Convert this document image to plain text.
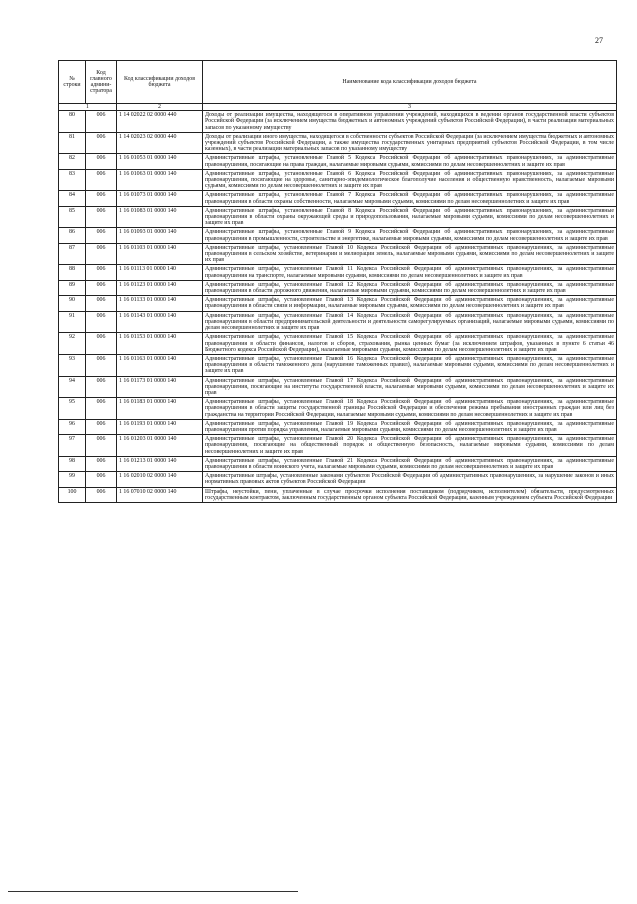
27
№ строки	Код главного админи-стратора	Код классификации доходов бюджета	Наименование кода классификации доходов бюджета
1		2	3
80	006	1 14 02022 02 0000 440	Доходы от реализации имущества, находящегося в оперативном управлении учреждений, находящихся в ведении органов государственной власти субъектов Российской Федерации (за исключением имущества бюджетных и автономных учреждений субъектов Российской Федерации), в части реализации материальных запасов по указанному имуществу
81	006	1 14 02023 02 0000 440	Доходы от реализации иного имущества, находящегося в собственности субъектов Российской Федерации (за исключением имущества бюджетных и автономных учреждений субъектов Российской Федерации, а также имущества государственных унитарных предприятий субъектов Российской Федерации, в том числе казенных), в части реализации материальных запасов по указанному имуществу
82	006	1 16 01053 01 0000 140	Административные штрафы, установленные Главой 5 Кодекса Российской Федерации об административных правонарушениях, за административные правонарушения, посягающие на права граждан, налагаемые мировыми судьями, комиссиями по делам несовершеннолетних и защите их прав
83	006	1 16 01063 01 0000 140	Административные штрафы, установленные Главой 6 Кодекса Российской Федерации об административных правонарушениях, за административные правонарушения, посягающие на здоровье, санитарно-эпидемиологическое благополучие населения и общественную нравственность, налагаемые мировыми судьями, комиссиями по делам несовершеннолетних и защите их прав
84	006	1 16 01073 01 0000 140	Административные штрафы, установленные Главой 7 Кодекса Российской Федерации об административных правонарушениях, за административные правонарушения в области охраны собственности, налагаемые мировыми судьями, комиссиями по делам несовершеннолетних и защите их прав
85	006	1 16 01083 01 0000 140	Административные штрафы, установленные Главой 8 Кодекса Российской Федерации об административных правонарушениях, за административные правонарушения в области охраны окружающей среды и природопользования, налагаемые мировыми судьями, комиссиями по делам несовершеннолетних и защите их прав
86	006	1 16 01093 01 0000 140	Административные штрафы, установленные Главой 9 Кодекса Российской Федерации об административных правонарушениях, за административные правонарушения в промышленности, строительстве и энергетике, налагаемые мировыми судьями, комиссиями по делам несовершеннолетних и защите их прав
87	006	1 16 01103 01 0000 140	Административные штрафы, установленные Главой 10 Кодекса Российской Федерации об административных правонарушениях, за административные правонарушения в сельском хозяйстве, ветеринарии и мелиорации земель, налагаемые мировыми судьями, комиссиями по делам несовершеннолетних и защите их прав
88	006	1 16 01113 01 0000 140	Административные штрафы, установленные Главой 11 Кодекса Российской Федерации об административных правонарушениях, за административные правонарушения на транспорте, налагаемые мировыми судьями, комиссиями по делам несовершеннолетних и защите их прав
89	006	1 16 01123 01 0000 140	Административные штрафы, установленные Главой 12 Кодекса Российской Федерации об административных правонарушениях, за административные правонарушения в области дорожного движения, налагаемые мировыми судьями, комиссиями по делам несовершеннолетних и защите их прав
90	006	1 16 01133 01 0000 140	Административные штрафы, установленные Главой 13 Кодекса Российской Федерации об административных правонарушениях, за административные правонарушения в области связи и информации, налагаемые мировыми судьями, комиссиями по делам несовершеннолетних и защите их прав
91	006	1 16 01143 01 0000 140	Административные штрафы, установленные Главой 14 Кодекса Российской Федерации об административных правонарушениях, за административные правонарушения в области предпринимательской деятельности и деятельности саморегулируемых организаций, налагаемые мировыми судьями, комиссиями по делам несовершеннолетних и защите их прав
92	006	1 16 01153 01 0000 140	Административные штрафы, установленные Главой 15 Кодекса Российской Федерации об административных правонарушениях, за административные правонарушения в области финансов, налогов и сборов, страхования, рынка ценных бумаг (за исключением штрафов, указанных в пункте 6 статьи 46 Бюджетного кодекса Российской Федерации), налагаемые мировыми судьями, комиссиями по делам несовершеннолетних и защите их прав
93	006	1 16 01163 01 0000 140	Административные штрафы, установленные Главой 16 Кодекса Российской Федерации об административных правонарушениях, за административные правонарушения в области таможенного дела (нарушение таможенных правил), налагаемые мировыми судьями, комиссиями по делам несовершеннолетних и защите их прав
94	006	1 16 01173 01 0000 140	Административные штрафы, установленные Главой 17 Кодекса Российской Федерации об административных правонарушениях, за административные правонарушения, посягающие на институты государственной власти, налагаемые мировыми судьями, комиссиями по делам несовершеннолетних и защите их прав
95	006	1 16 01183 01 0000 140	Административные штрафы, установленные Главой 18 Кодекса Российской Федерации об административных правонарушениях, за административные правонарушения в области защиты государственной границы Российской Федерации и обеспечения режима пребывания иностранных граждан или лиц без гражданства на территории Российской Федерации, налагаемые мировыми судьями, комиссиями по делам несовершеннолетних и защите их прав
96	006	1 16 01193 01 0000 140	Административные штрафы, установленные Главой 19 Кодекса Российской Федерации об административных правонарушениях, за административные правонарушения против порядка управления, налагаемые мировыми судьями, комиссиями по делам несовершеннолетних и защите их прав
97	006	1 16 01203 01 0000 140	Административные штрафы, установленные Главой 20 Кодекса Российской Федерации об административных правонарушениях, за административные правонарушения, посягающие на общественный порядок и общественную безопасность, налагаемые мировыми судьями, комиссиями по делам несовершеннолетних и защите их прав
98	006	1 16 01213 01 0000 140	Административные штрафы, установленные Главой 21 Кодекса Российской Федерации об административных правонарушениях, за административные правонарушения в области воинского учета, налагаемые мировыми судьями, комиссиями по делам несовершеннолетних и защите их прав
99	006	1 16 02010 02 0000 140	Административные штрафы, установленные законами субъектов Российской Федерации об административных правонарушениях, за нарушение законов и иных нормативных правовых актов субъектов Российской Федерации
100	006	1 16 07010 02 0000 140	Штрафы, неустойки, пени, уплаченные в случае просрочки исполнения поставщиком (подрядчиком, исполнителем) обязательств, предусмотренных государственным контрактом, заключенным государственным органом субъекта Российской Федерации, казенным учреждением субъекта Российской Федерации
